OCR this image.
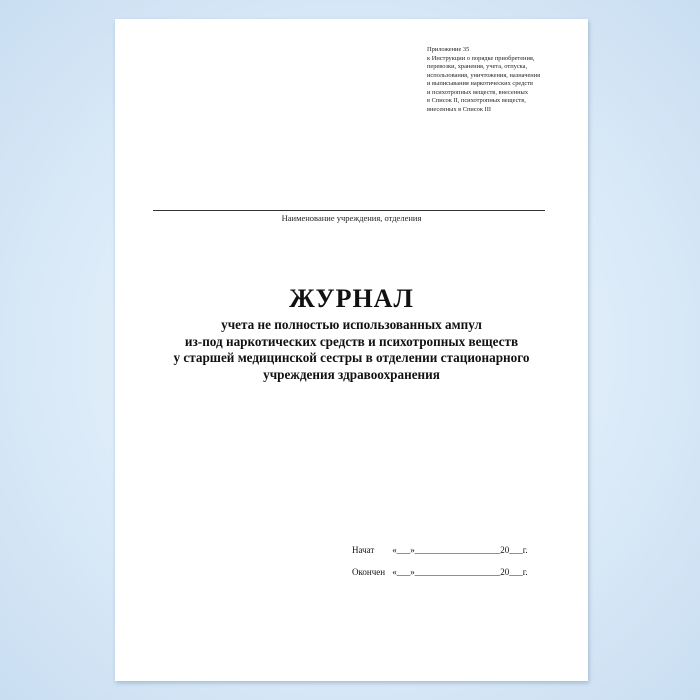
Приложение 35
к Инструкции о порядке приобретения,
перевозки, хранения, учета, отпуска,
использования, уничтожения, назначения
и выписывания наркотических средств
и психотропных веществ, внесенных
в Список II, психотропных веществ,
внесенных в Список III
Наименование учреждения, отделения
ЖУРНАЛ
учета не полностью использованных ампул
из-под наркотических средств и психотропных веществ
у старшей медицинской сестры в отделении стационарного
учреждения здравоохранения
Начат «___»___________________20___г.
Окончен «___»___________________20___г.
